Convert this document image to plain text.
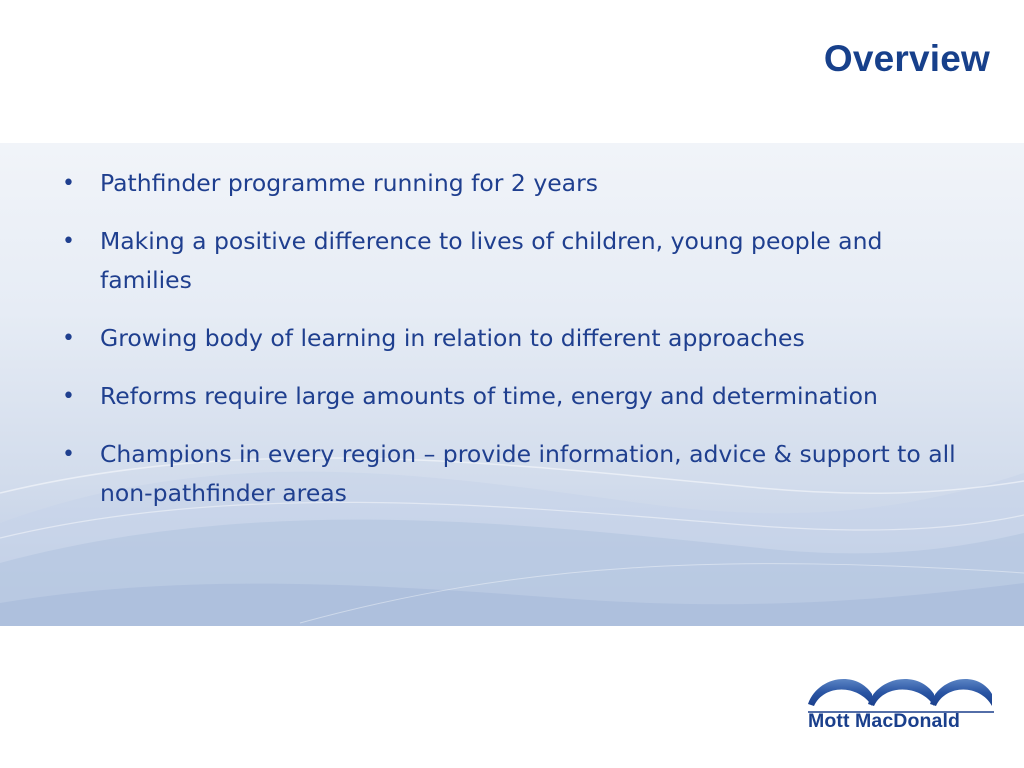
Overview
• Pathfinder programme running for 2 years
• Making a positive difference to lives of children, young people and families
• Growing body of learning in relation to different approaches
• Reforms require large amounts of time, energy and determination
• Champions in every region – provide information, advice & support to all non-pathfinder areas
Mott MacDonald
